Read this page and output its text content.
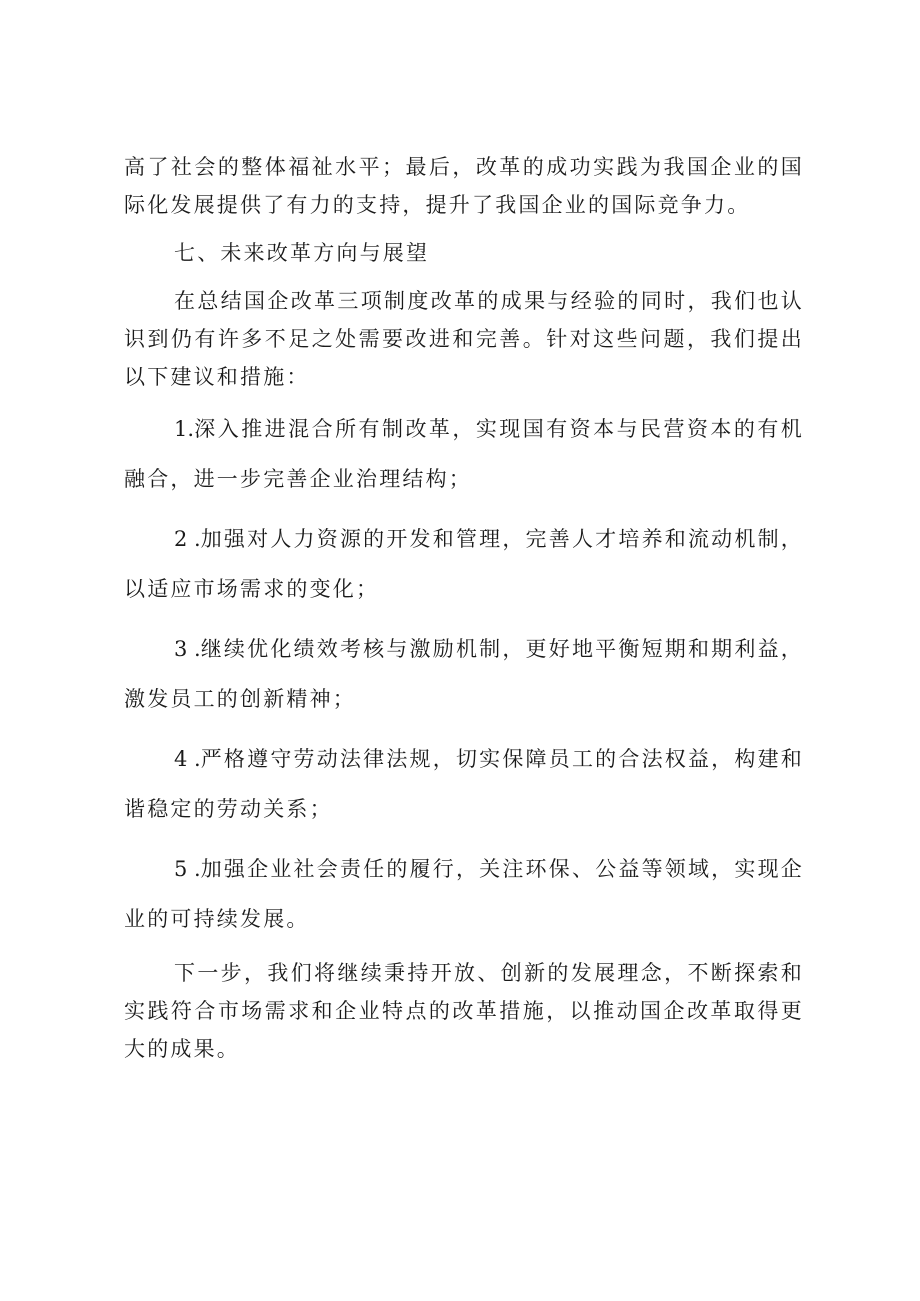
高了社会的整体福祉水平；最后，改革的成功实践为我国企业的国际化发展提供了有力的支持，提升了我国企业的国际竞争力。

七、未来改革方向与展望

在总结国企改革三项制度改革的成果与经验的同时，我们也认识到仍有许多不足之处需要改进和完善。针对这些问题，我们提出以下建议和措施：

1.深入推进混合所有制改革，实现国有资本与民营资本的有机融合，进一步完善企业治理结构；

2 .加强对人力资源的开发和管理，完善人才培养和流动机制，以适应市场需求的变化；

3 .继续优化绩效考核与激励机制，更好地平衡短期和期利益，激发员工的创新精神；

4 .严格遵守劳动法律法规，切实保障员工的合法权益，构建和谐稳定的劳动关系；

5 .加强企业社会责任的履行，关注环保、公益等领域，实现企业的可持续发展。

下一步，我们将继续秉持开放、创新的发展理念，不断探索和实践符合市场需求和企业特点的改革措施，以推动国企改革取得更大的成果。
